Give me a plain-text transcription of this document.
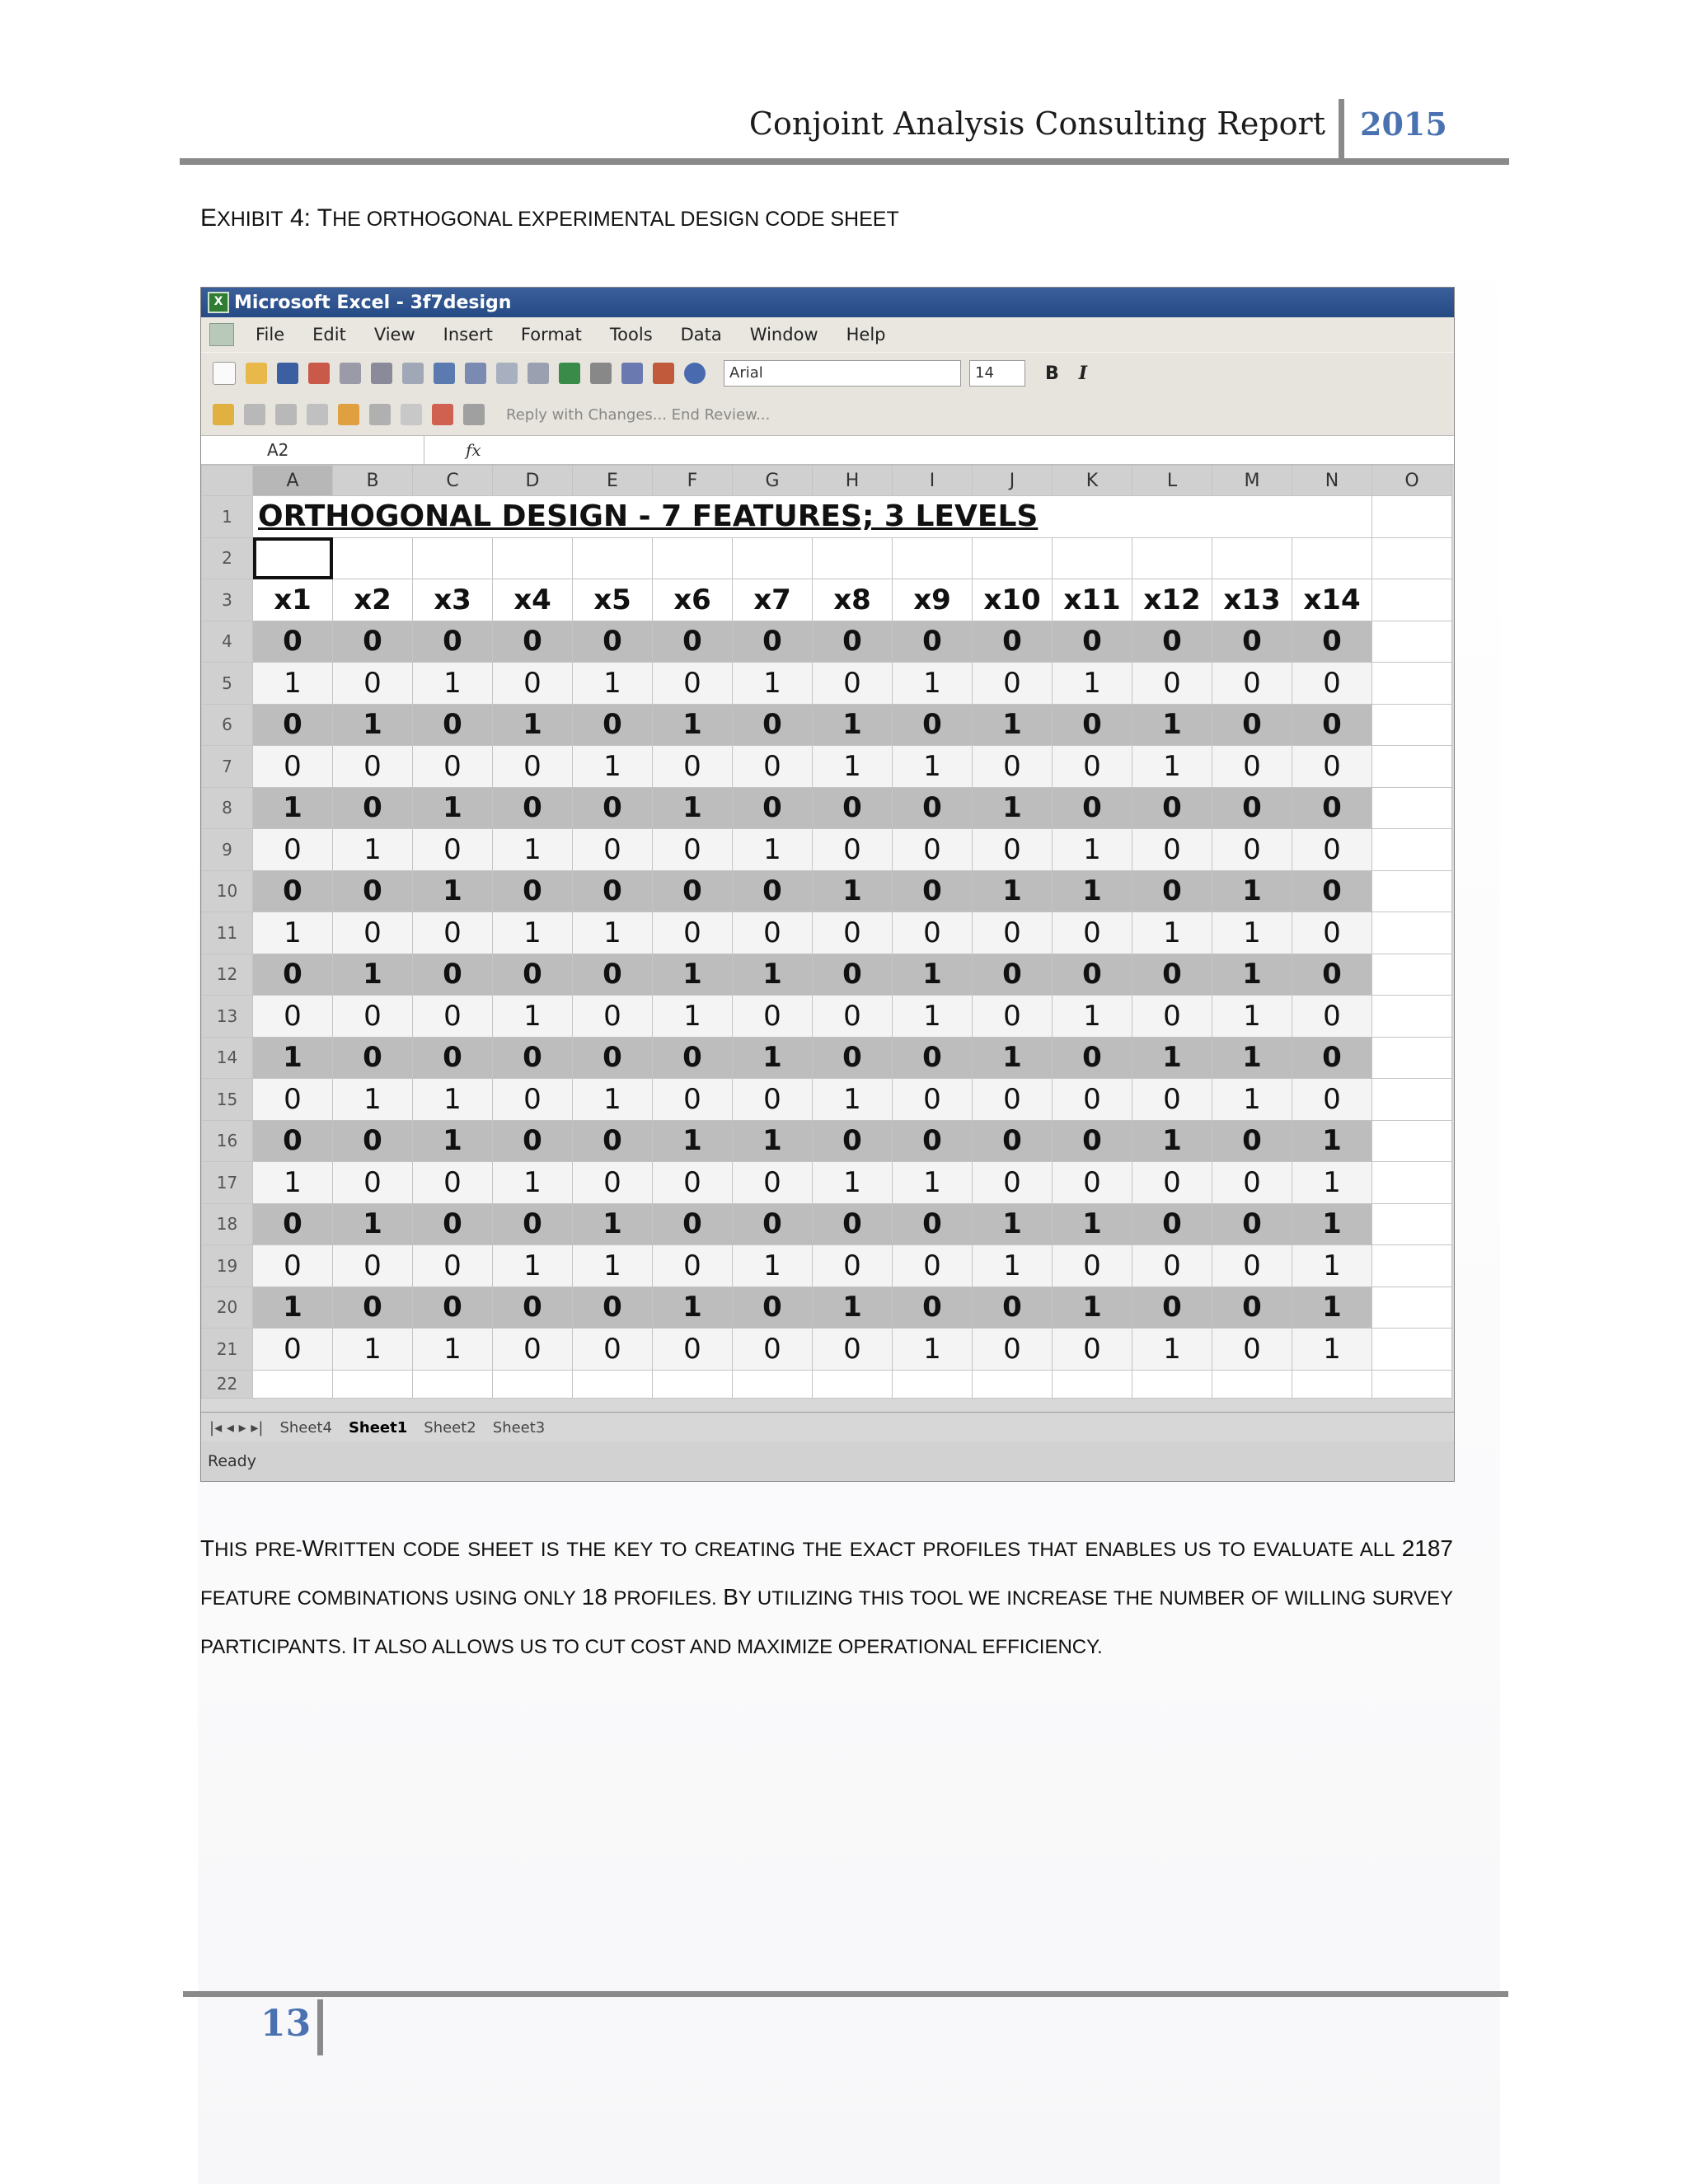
Conjoint Analysis Consulting Report 2015
EXHIBIT 4: THE ORTHOGONAL EXPERIMENTAL DESIGN CODE SHEET
X Microsoft Excel - 3f7design
File Edit View Insert Format Tools Data Window Help
Arial	14	B I
Reply with Changes... End Review...
A2	fx
	A	B	C	D	E	F	G	H	I	J	K	L	M	N	O
1	ORTHOGONAL DESIGN - 7 FEATURES; 3 LEVELS														
2															
3	x1	x2	x3	x4	x5	x6	x7	x8	x9	x10	x11	x12	x13	x14	
4	0	0	0	0	0	0	0	0	0	0	0	0	0	0	
5	1	0	1	0	1	0	1	0	1	0	1	0	0	0	
6	0	1	0	1	0	1	0	1	0	1	0	1	0	0	
7	0	0	0	0	1	0	0	1	1	0	0	1	0	0	
8	1	0	1	0	0	1	0	0	0	1	0	0	0	0	
9	0	1	0	1	0	0	1	0	0	0	1	0	0	0	
10	0	0	1	0	0	0	0	1	0	1	1	0	1	0	
11	1	0	0	1	1	0	0	0	0	0	0	1	1	0	
12	0	1	0	0	0	1	1	0	1	0	0	0	1	0	
13	0	0	0	1	0	1	0	0	1	0	1	0	1	0	
14	1	0	0	0	0	0	1	0	0	1	0	1	1	0	
15	0	1	1	0	1	0	0	1	0	0	0	0	1	0	
16	0	0	1	0	0	1	1	0	0	0	0	1	0	1	
17	1	0	0	1	0	0	0	1	1	0	0	0	0	1	
18	0	1	0	0	1	0	0	0	0	1	1	0	0	1	
19	0	0	0	1	1	0	1	0	0	1	0	0	0	1	
20	1	0	0	0	0	1	0	1	0	0	1	0	0	1	
21	0	1	1	0	0	0	0	0	1	0	0	1	0	1	
22															
|◂ ◂ ▸ ▸|	Sheet4	Sheet1	Sheet2	Sheet3
Ready
THIS PRE-WRITTEN CODE SHEET IS THE KEY TO CREATING THE EXACT PROFILES THAT ENABLES US TO EVALUATE ALL 2187 FEATURE COMBINATIONS USING ONLY 18 PROFILES. BY UTILIZING THIS TOOL WE INCREASE THE NUMBER OF WILLING SURVEY PARTICIPANTS. IT ALSO ALLOWS US TO CUT COST AND MAXIMIZE OPERATIONAL EFFICIENCY.
13
